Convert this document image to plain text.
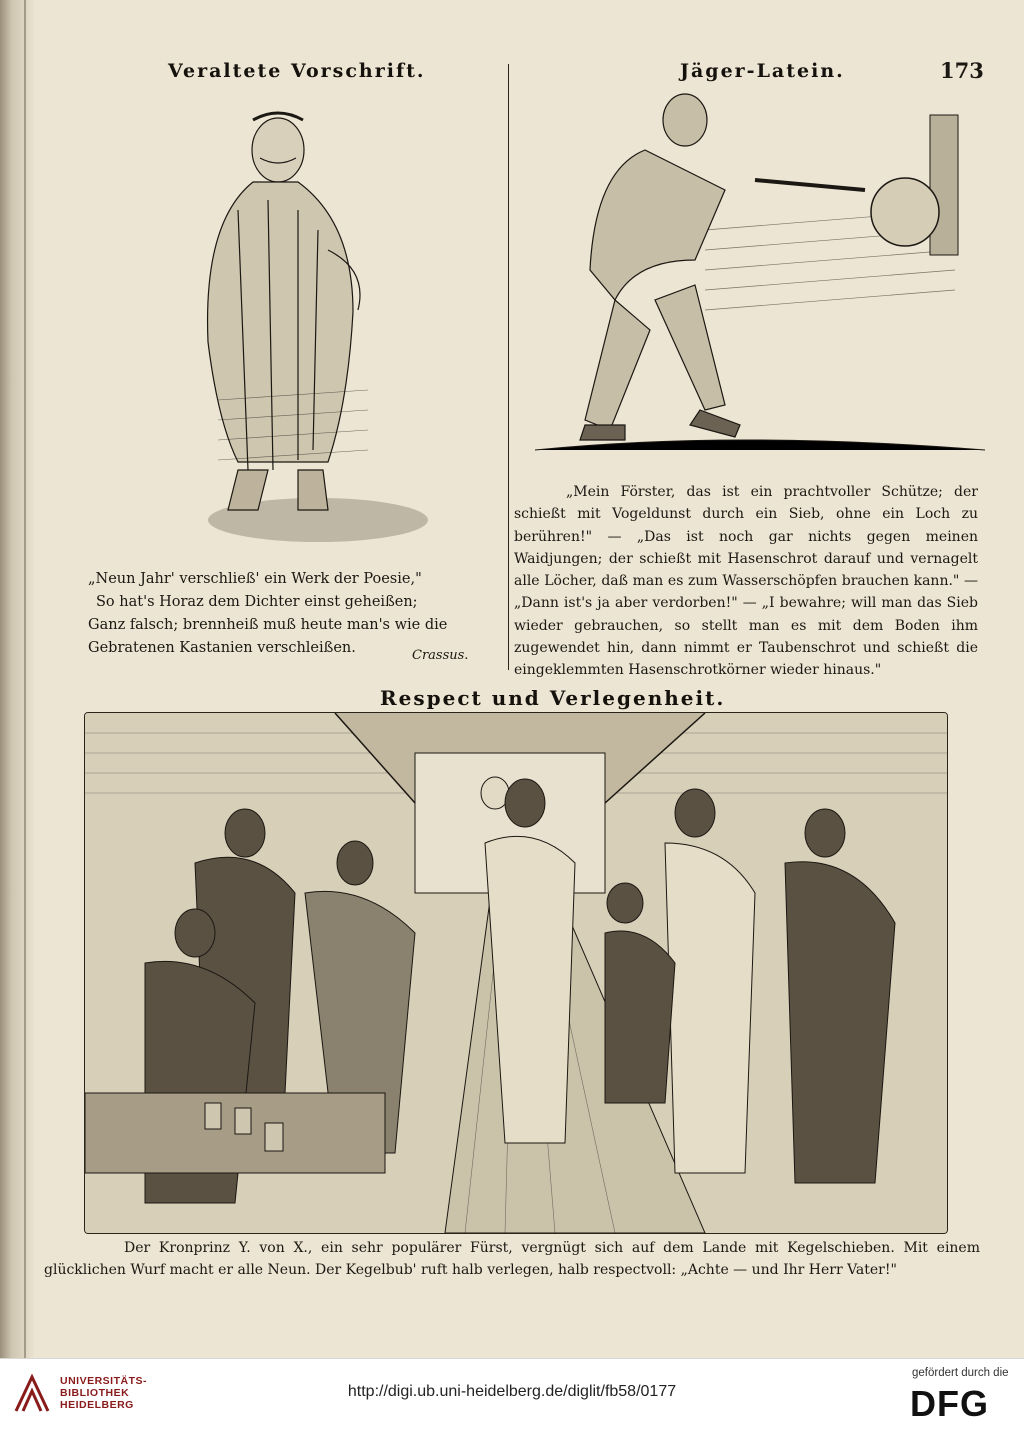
Veraltete Vorschrift.	Jäger-Latein.	173
„Neun Jahr' verschließ' ein Werk der Poesie,"
So hat's Horaz dem Dichter einst geheißen;
Ganz falsch; brennheiß muß heute man's wie die
Gebratenen Kastanien verschleißen.	Crassus.
„Mein Förster, das ist ein prachtvoller Schütze; der schießt mit Vogeldunst durch ein Sieb, ohne ein Loch zu berühren!" — „Das ist noch gar nichts gegen meinen Waidjungen; der schießt mit Hasenschrot darauf und vernagelt alle Löcher, daß man es zum Wasserschöpfen brauchen kann." — „Dann ist's ja aber verdorben!" — „I bewahre; will man das Sieb wieder gebrauchen, so stellt man es mit dem Boden ihm zugewendet hin, dann nimmt er Taubenschrot und schießt die eingeklemmten Hasenschrotkörner wieder hinaus."
Respect und Verlegenheit.
Der Kronprinz Y. von X., ein sehr populärer Fürst, vergnügt sich auf dem Lande mit Kegelschieben. Mit einem glücklichen Wurf macht er alle Neun. Der Kegelbub' ruft halb verlegen, halb respectvoll: „Achte — und Ihr Herr Vater!"
UNIVERSITÄTS-
BIBLIOTHEK
HEIDELBERG
http://digi.ub.uni-heidelberg.de/diglit/fb58/0177
gefördert durch die
DFG
